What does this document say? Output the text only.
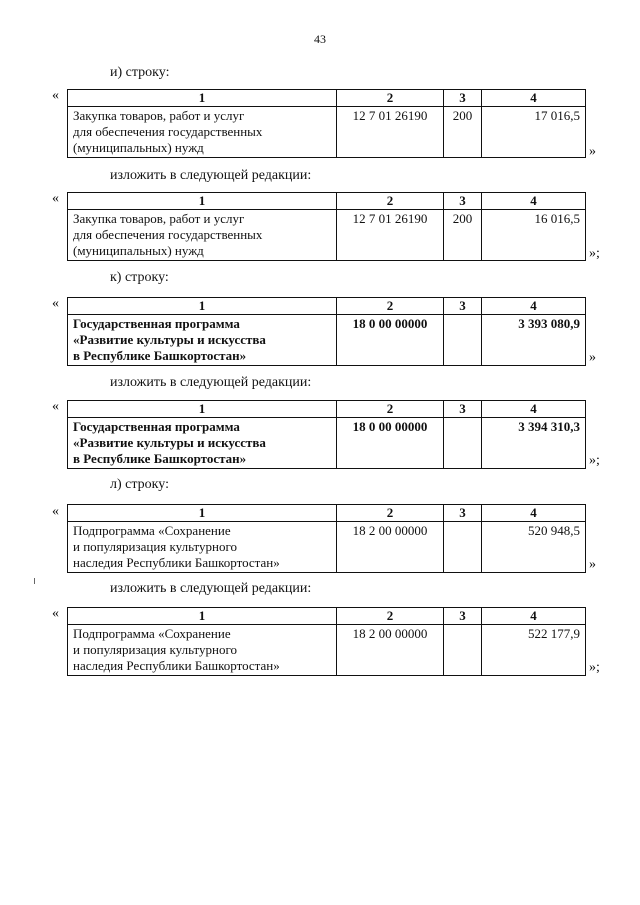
43
и) строку:
«	1	2	3	4

Закупка товаров, работ и услуг
для обеспечения государственных
(муниципальных) нужд	12 7 01 26190	200	17 016,5
»
изложить в следующей редакции:
«	1	2	3	4

Закупка товаров, работ и услуг
для обеспечения государственных
(муниципальных) нужд	12 7 01 26190	200	16 016,5
»;
к) строку:
«	1	2	3	4

Государственная программа
«Развитие культуры и искусства
в Республике Башкортостан»	18 0 00 00000		3 393 080,9
»
изложить в следующей редакции:
«	1	2	3	4

Государственная программа
«Развитие культуры и искусства
в Республике Башкортостан»	18 0 00 00000		3 394 310,3
»;
л) строку:
«	1	2	3	4

Подпрограмма «Сохранение
и популяризация культурного
наследия Республики Башкортостан»	18 2 00 00000		520 948,5
»
изложить в следующей редакции:
«	1	2	3	4

Подпрограмма «Сохранение
и популяризация культурного
наследия Республики Башкортостан»	18 2 00 00000		522 177,9
»;
